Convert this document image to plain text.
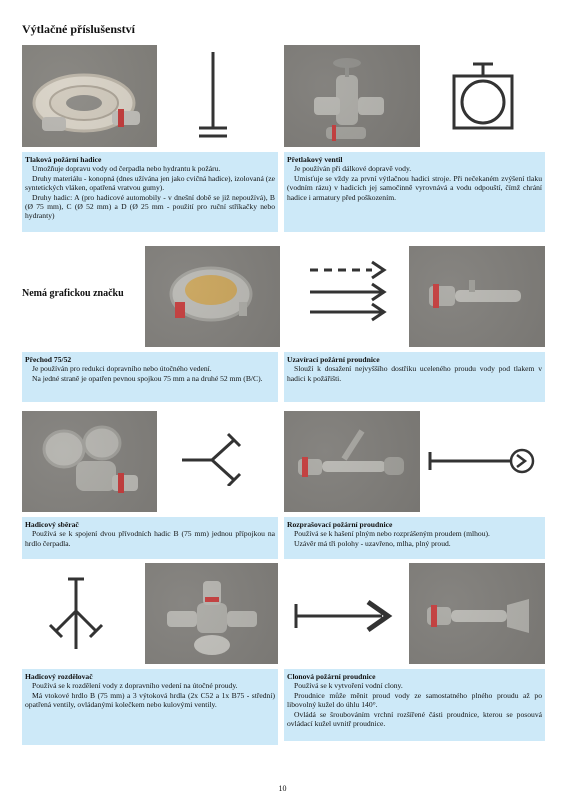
Výtlačné příslušenství
Tlaková požární hadice

Umožňuje dopravu vody od čerpadla nebo hydrantu k požáru.

Druhy materiálu - konopná (dnes užívána jen jako cvičná hadice), izolovaná (ze syntetických vláken, opatřená vratvou gumy).

Druhy hadic: A (pro hadicové automobily - v dnešní době se již nepoužívá), B (Ø 75 mm), C (Ø 52 mm) a D (Ø 25 mm - použití pro ruční stříkačky nebo hydranty)

Přetlakový ventil

Je používán při dálkové dopravě vody.

Umisťuje se vždy za první výtlačnou hadici stroje. Při nečekaném zvýšení tlaku (vodním rázu) v hadicích jej samočinně vyrovnává a vodu odpouští, čímž chrání hadice i armatury před poškozením.

Nemá grafickou značku
Přechod 75/52

Je používán pro redukci dopravního nebo útočného vedení.

Na jedné straně je opatřen pevnou spojkou 75 mm a na druhé 52 mm (B/C).

Uzavírací požární proudnice

Slouží k dosažení nejvyššího dostřiku uceleného proudu vody pod tlakem v hadici k požářišti.

Hadicový sběrač

Používá se k spojení dvou přívodních hadic B (75 mm) jednou přípojkou na hrdlo čerpadla.

Rozprašovací požární proudnice

Používá se k hašení plným nebo rozprášeným proudem (mlhou).

Uzávěr má tři polohy - uzavřeno, mlha, plný proud.

Hadicový rozdělovač

Používá se k rozdělení vody z dopravního vedení na útočné proudy.

Má vtokové hrdlo B (75 mm) a 3 výtoková hrdla (2x C52 a 1x B75 - střední) opatřená ventily, ovládanými kolečkem nebo kulovými ventily.

Clonová požární proudnice

Používá se k vytvoření vodní clony.

Proudnice může měnit proud vody ze samostatného plného proudu až po libovolný kužel do úhlu 140°.

Ovládá se šroubováním vrchní rozšířené části proudnice, kterou se posouvá ovládací kužel uvnitř proudnice.

10
